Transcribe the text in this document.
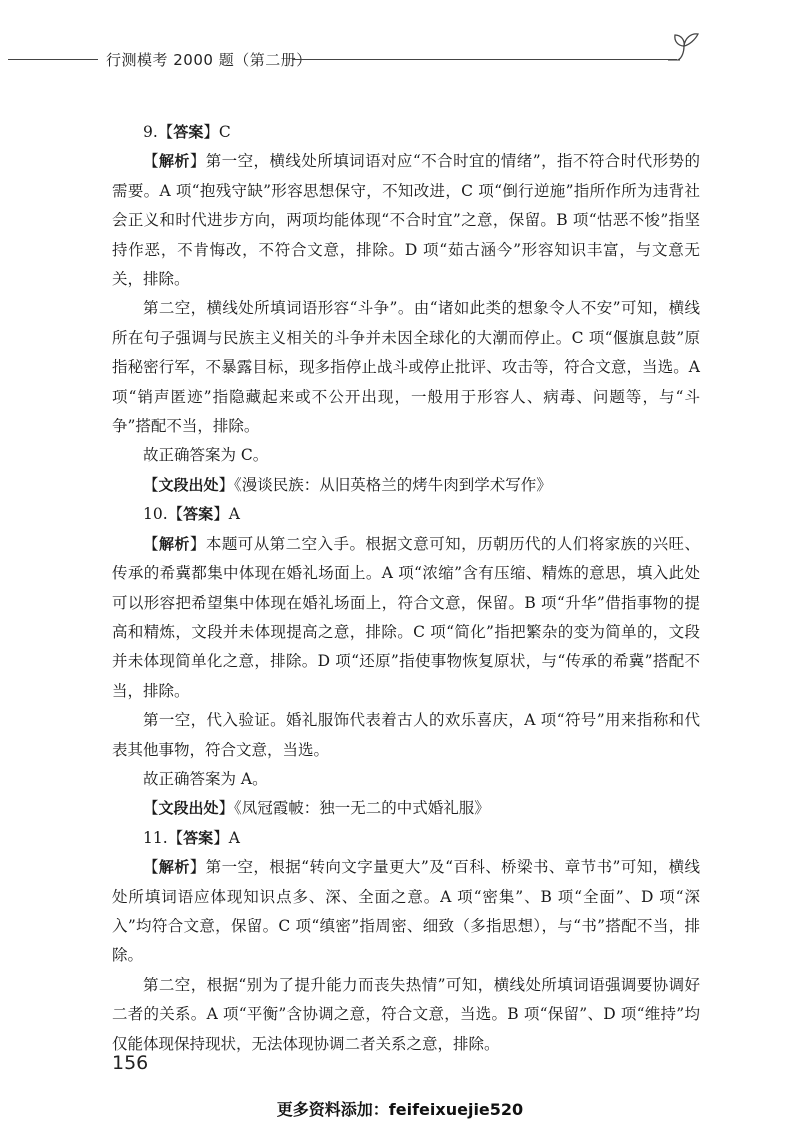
行测模考 2000 题（第二册）

9.【答案】C

【解析】第一空，横线处所填词语对应“不合时宜的情绪”，指不符合时代形势的需要。A 项“抱残守缺”形容思想保守，不知改进，C 项“倒行逆施”指所作所为违背社会正义和时代进步方向，两项均能体现“不合时宜”之意，保留。B 项“怙恶不悛”指坚持作恶，不肯悔改，不符合文意，排除。D 项“茹古涵今”形容知识丰富，与文意无关，排除。

第二空，横线处所填词语形容“斗争”。由“诸如此类的想象令人不安”可知，横线所在句子强调与民族主义相关的斗争并未因全球化的大潮而停止。C 项“偃旗息鼓”原指秘密行军，不暴露目标，现多指停止战斗或停止批评、攻击等，符合文意，当选。A 项“销声匿迹”指隐藏起来或不公开出现，一般用于形容人、病毒、问题等，与“斗争”搭配不当，排除。

故正确答案为 C。

【文段出处】《漫谈民族：从旧英格兰的烤牛肉到学术写作》

10.【答案】A

【解析】本题可从第二空入手。根据文意可知，历朝历代的人们将家族的兴旺、传承的希冀都集中体现在婚礼场面上。A 项“浓缩”含有压缩、精炼的意思，填入此处可以形容把希望集中体现在婚礼场面上，符合文意，保留。B 项“升华”借指事物的提高和精炼，文段并未体现提高之意，排除。C 项“简化”指把繁杂的变为简单的，文段并未体现简单化之意，排除。D 项“还原”指使事物恢复原状，与“传承的希冀”搭配不当，排除。

第一空，代入验证。婚礼服饰代表着古人的欢乐喜庆，A 项“符号”用来指称和代表其他事物，符合文意，当选。

故正确答案为 A。

【文段出处】《凤冠霞帔：独一无二的中式婚礼服》

11.【答案】A

【解析】第一空，根据“转向文字量更大”及“百科、桥梁书、章节书”可知，横线处所填词语应体现知识点多、深、全面之意。A 项“密集”、B 项“全面”、D 项“深入”均符合文意，保留。C 项“缜密”指周密、细致（多指思想），与“书”搭配不当，排除。

第二空，根据“别为了提升能力而丧失热情”可知，横线处所填词语强调要协调好二者的关系。A 项“平衡”含协调之意，符合文意，当选。B 项“保留”、D 项“维持”均仅能体现保持现状，无法体现协调二者关系之意，排除。

156
更多资料添加：feifeixuejie520
